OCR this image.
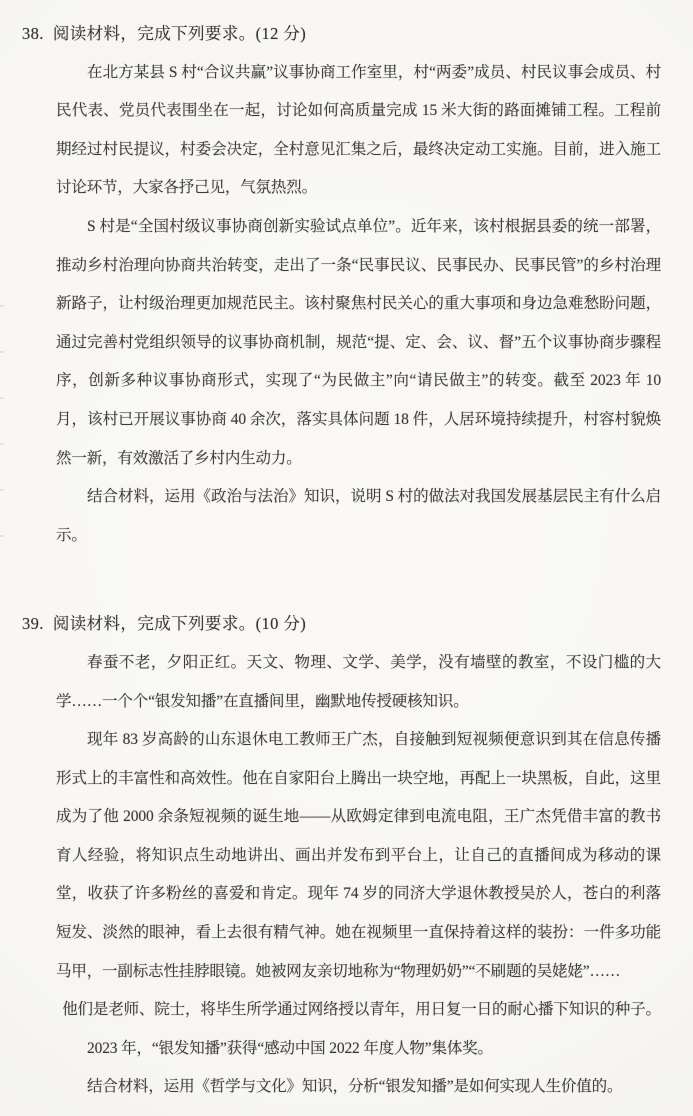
38. 阅读材料，完成下列要求。(12 分)

在北方某县 S 村“合议共赢”议事协商工作室里，村“两委”成员、村民议事会成员、村民代表、党员代表围坐在一起，讨论如何高质量完成 15 米大街的路面摊铺工程。工程前期经过村民提议，村委会决定，全村意见汇集之后，最终决定动工实施。目前，进入施工讨论环节，大家各抒己见，气氛热烈。

S 村是“全国村级议事协商创新实验试点单位”。近年来，该村根据县委的统一部署，推动乡村治理向协商共治转变，走出了一条“民事民议、民事民办、民事民管”的乡村治理新路子，让村级治理更加规范民主。该村聚焦村民关心的重大事项和身边急难愁盼问题，通过完善村党组织领导的议事协商机制，规范“提、定、会、议、督”五个议事协商步骤程序，创新多种议事协商形式，实现了“为民做主”向“请民做主”的转变。截至 2023 年 10 月，该村已开展议事协商 40 余次，落实具体问题 18 件，人居环境持续提升，村容村貌焕然一新，有效激活了乡村内生动力。

结合材料，运用《政治与法治》知识，说明 S 村的做法对我国发展基层民主有什么启示。

39. 阅读材料，完成下列要求。(10 分)

春蚕不老，夕阳正红。天文、物理、文学、美学，没有墙壁的教室，不设门槛的大学……一个个“银发知播”在直播间里，幽默地传授硬核知识。

现年 83 岁高龄的山东退休电工教师王广杰，自接触到短视频便意识到其在信息传播形式上的丰富性和高效性。他在自家阳台上腾出一块空地，再配上一块黑板，自此，这里成为了他 2000 余条短视频的诞生地——从欧姆定律到电流电阻，王广杰凭借丰富的教书育人经验，将知识点生动地讲出、画出并发布到平台上，让自己的直播间成为移动的课堂，收获了许多粉丝的喜爱和肯定。现年 74 岁的同济大学退休教授吴於人，苍白的利落短发、淡然的眼神，看上去很有精气神。她在视频里一直保持着这样的装扮：一件多功能马甲，一副标志性挂脖眼镜。她被网友亲切地称为“物理奶奶”“不刷题的吴姥姥”……

他们是老师、院士，将毕生所学通过网络授以青年，用日复一日的耐心播下知识的种子。

2023 年，“银发知播”获得“感动中国 2022 年度人物”集体奖。

结合材料，运用《哲学与文化》知识，分析“银发知播”是如何实现人生价值的。
